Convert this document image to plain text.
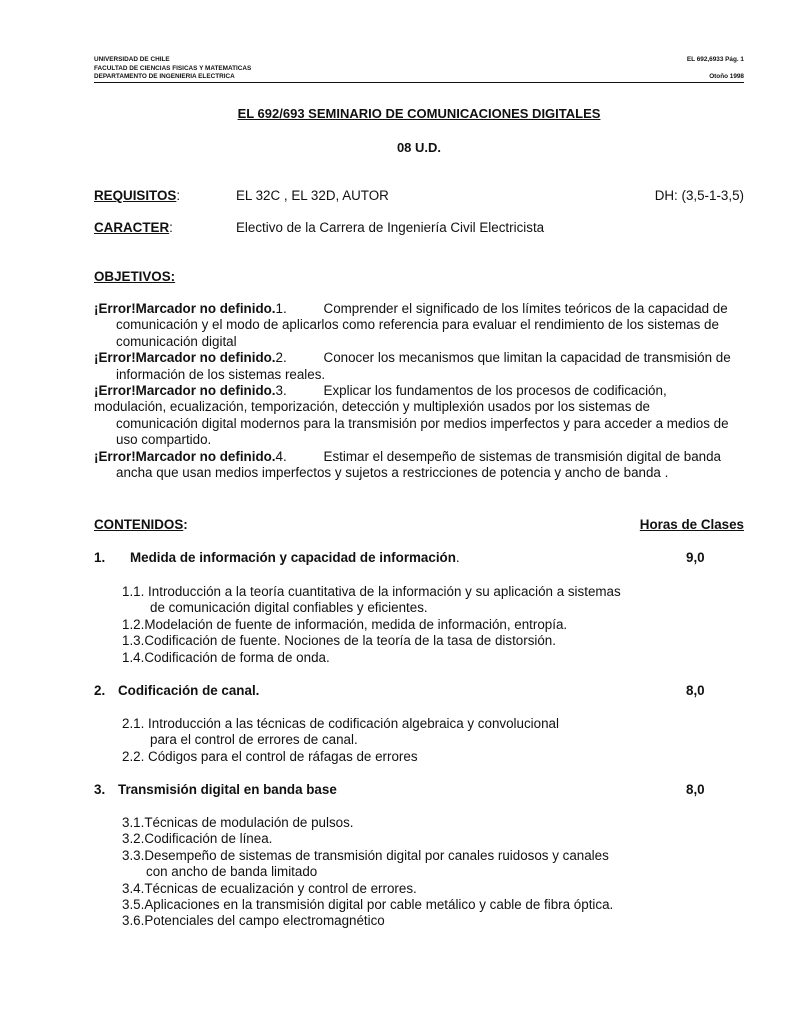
UNIVERSIDAD DE CHILE	EL 692,6933 Pág. 1
FACULTAD DE CIENCIAS FISICAS Y MATEMATICAS
DEPARTAMENTO DE INGENIERIA ELECTRICA	Otoño 1998
EL 692/693 SEMINARIO DE COMUNICACIONES DIGITALES
08 U.D.
REQUISITOS:	EL 32C , EL 32D, AUTOR	DH: (3,5-1-3,5)
CARACTER:	Electivo de la Carrera de Ingeniería Civil Electricista
OBJETIVOS:
¡Error!Marcador no definido.1.	Comprender el significado de los límites teóricos de la capacidad de
comunicación y el modo de aplicarlos como referencia para evaluar el rendimiento de los sistemas de
comunicación digital
¡Error!Marcador no definido.2.	Conocer los mecanismos que limitan la capacidad de transmisión de
información de los sistemas reales.
¡Error!Marcador no definido.3.	Explicar los fundamentos de los procesos de codificación,
modulación, ecualización, temporización, detección y multiplexión usados por los sistemas de
comunicación digital modernos para la transmisión por medios imperfectos y para acceder a medios de
uso compartido.
¡Error!Marcador no definido.4.	Estimar el desempeño de sistemas de transmisión digital de banda
ancha que usan medios imperfectos y sujetos a restricciones de potencia y ancho de banda .
CONTENIDOS:	Horas de Clases
1. Medida de información y capacidad de información.	9,0
1.1. Introducción a la teoría cuantitativa de la información y su aplicación a sistemas
de comunicación digital confiables y eficientes.
1.2.Modelación de fuente de información, medida de información, entropía.
1.3.Codificación de fuente. Nociones de la teoría de la tasa de distorsión.
1.4.Codificación de forma de onda.
2. Codificación de canal.	8,0
2.1. Introducción a las técnicas de codificación algebraica y convolucional
para el control de errores de canal.
2.2. Códigos para el control de ráfagas de errores
3. Transmisión digital en banda base	8,0
3.1.Técnicas de modulación de pulsos.
3.2.Codificación de línea.
3.3.Desempeño de sistemas de transmisión digital por canales ruidosos y canales
con ancho de banda limitado
3.4.Técnicas de ecualización y control de errores.
3.5.Aplicaciones en la transmisión digital por cable metálico y cable de fibra óptica.
3.6.Potenciales del campo electromagnético
